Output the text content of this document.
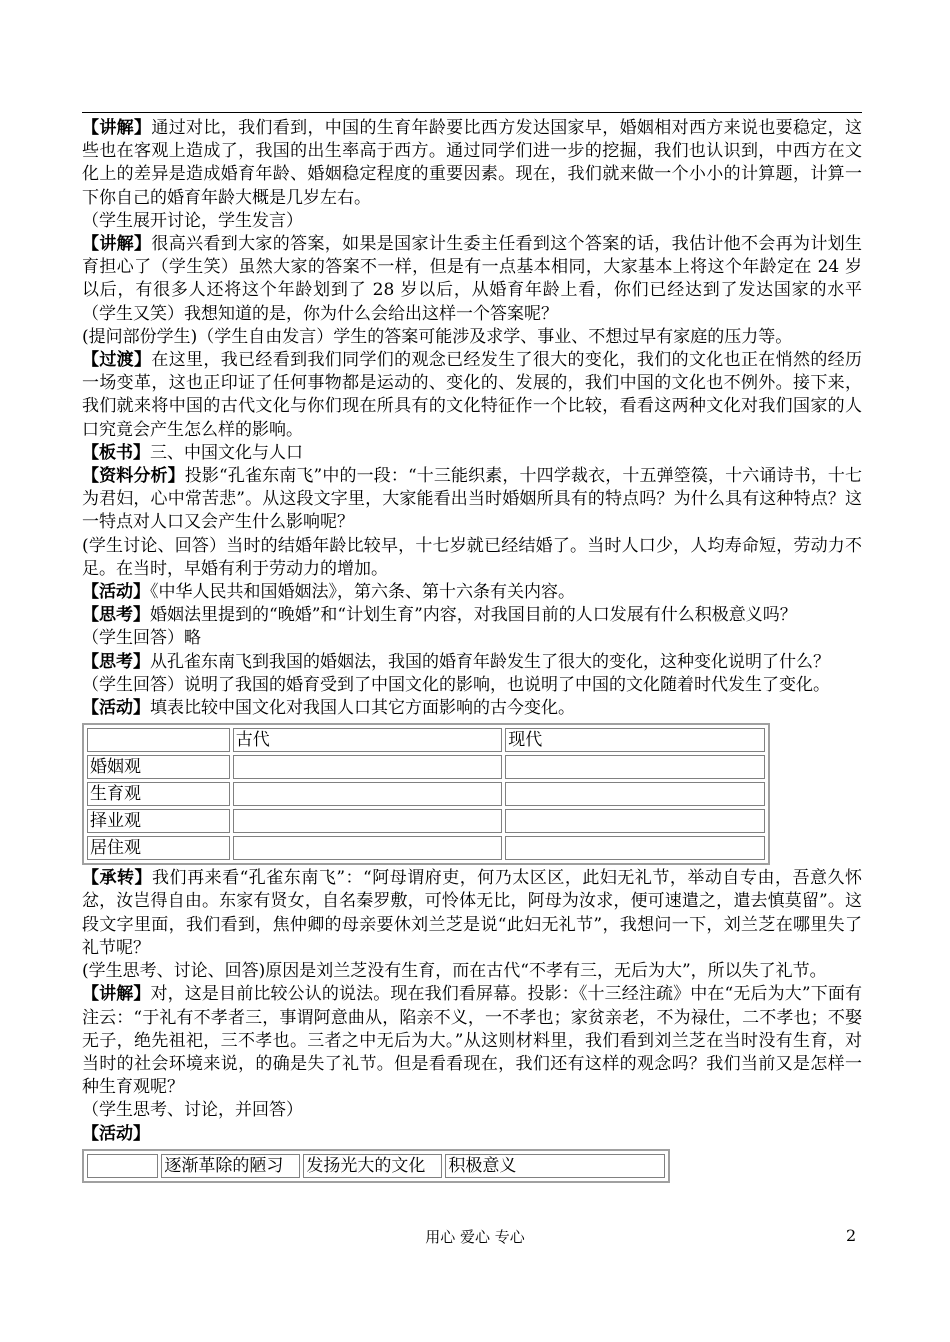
【讲解】通过对比，我们看到，中国的生育年龄要比西方发达国家早，婚姻相对西方来说也要稳定，这些也在客观上造成了，我国的出生率高于西方。通过同学们进一步的挖掘，我们也认识到，中西方在文化上的差异是造成婚育年龄、婚姻稳定程度的重要因素。现在，我们就来做一个小小的计算题，计算一下你自己的婚育年龄大概是几岁左右。
（学生展开讨论，学生发言）
【讲解】很高兴看到大家的答案，如果是国家计生委主任看到这个答案的话，我估计他不会再为计划生育担心了（学生笑）虽然大家的答案不一样，但是有一点基本相同，大家基本上将这个年龄定在 24 岁以后，有很多人还将这个年龄划到了 28 岁以后，从婚育年龄上看，你们已经达到了发达国家的水平（学生又笑）我想知道的是，你为什么会给出这样一个答案呢？
(提问部份学生)（学生自由发言）学生的答案可能涉及求学、事业、不想过早有家庭的压力等。
【过渡】在这里，我已经看到我们同学们的观念已经发生了很大的变化，我们的文化也正在悄然的经历一场变革，这也正印证了任何事物都是运动的、变化的、发展的，我们中国的文化也不例外。接下来，我们就来将中国的古代文化与你们现在所具有的文化特征作一个比较，看看这两种文化对我们国家的人口究竟会产生怎么样的影响。
【板书】三、中国文化与人口
【资料分析】投影“孔雀东南飞”中的一段：“十三能织素，十四学裁衣，十五弹箜篌，十六诵诗书，十七为君妇，心中常苦悲”。从这段文字里，大家能看出当时婚姻所具有的特点吗？为什么具有这种特点？这一特点对人口又会产生什么影响呢？
(学生讨论、回答）当时的结婚年龄比较早，十七岁就已经结婚了。当时人口少，人均寿命短，劳动力不足。在当时，早婚有利于劳动力的增加。
【活动】《中华人民共和国婚姻法》，第六条、第十六条有关内容。
【思考】婚姻法里提到的“晚婚”和“计划生育”内容，对我国目前的人口发展有什么积极意义吗？
（学生回答）略
【思考】从孔雀东南飞到我国的婚姻法，我国的婚育年龄发生了很大的变化，这种变化说明了什么？
（学生回答）说明了我国的婚育受到了中国文化的影响，也说明了中国的文化随着时代发生了变化。
【活动】填表比较中国文化对我国人口其它方面影响的古今变化。
	古代	现代
婚姻观		
生育观		
择业观		
居住观		
【承转】我们再来看“孔雀东南飞”：“阿母谓府吏，何乃太区区，此妇无礼节，举动自专由，吾意久怀忿，汝岂得自由。东家有贤女，自名秦罗敷，可怜体无比，阿母为汝求，便可速遣之，遣去慎莫留”。这段文字里面，我们看到，焦仲卿的母亲要休刘兰芝是说“此妇无礼节”，我想问一下，刘兰芝在哪里失了礼节呢？
(学生思考、讨论、回答)原因是刘兰芝没有生育，而在古代“不孝有三，无后为大”，所以失了礼节。
【讲解】对，这是目前比较公认的说法。现在我们看屏幕。投影：《十三经注疏》中在“无后为大”下面有注云：“于礼有不孝者三，事谓阿意曲从，陷亲不义，一不孝也；家贫亲老，不为禄仕，二不孝也；不娶无子，绝先祖祀，三不孝也。三者之中无后为大。”从这则材料里，我们看到刘兰芝在当时没有生育，对当时的社会环境来说，的确是失了礼节。但是看看现在，我们还有这样的观念吗？我们当前又是怎样一种生育观呢？
（学生思考、讨论，并回答）
【活动】
	逐渐革除的陋习	发扬光大的文化	积极意义
用心 爱心 专心	2
